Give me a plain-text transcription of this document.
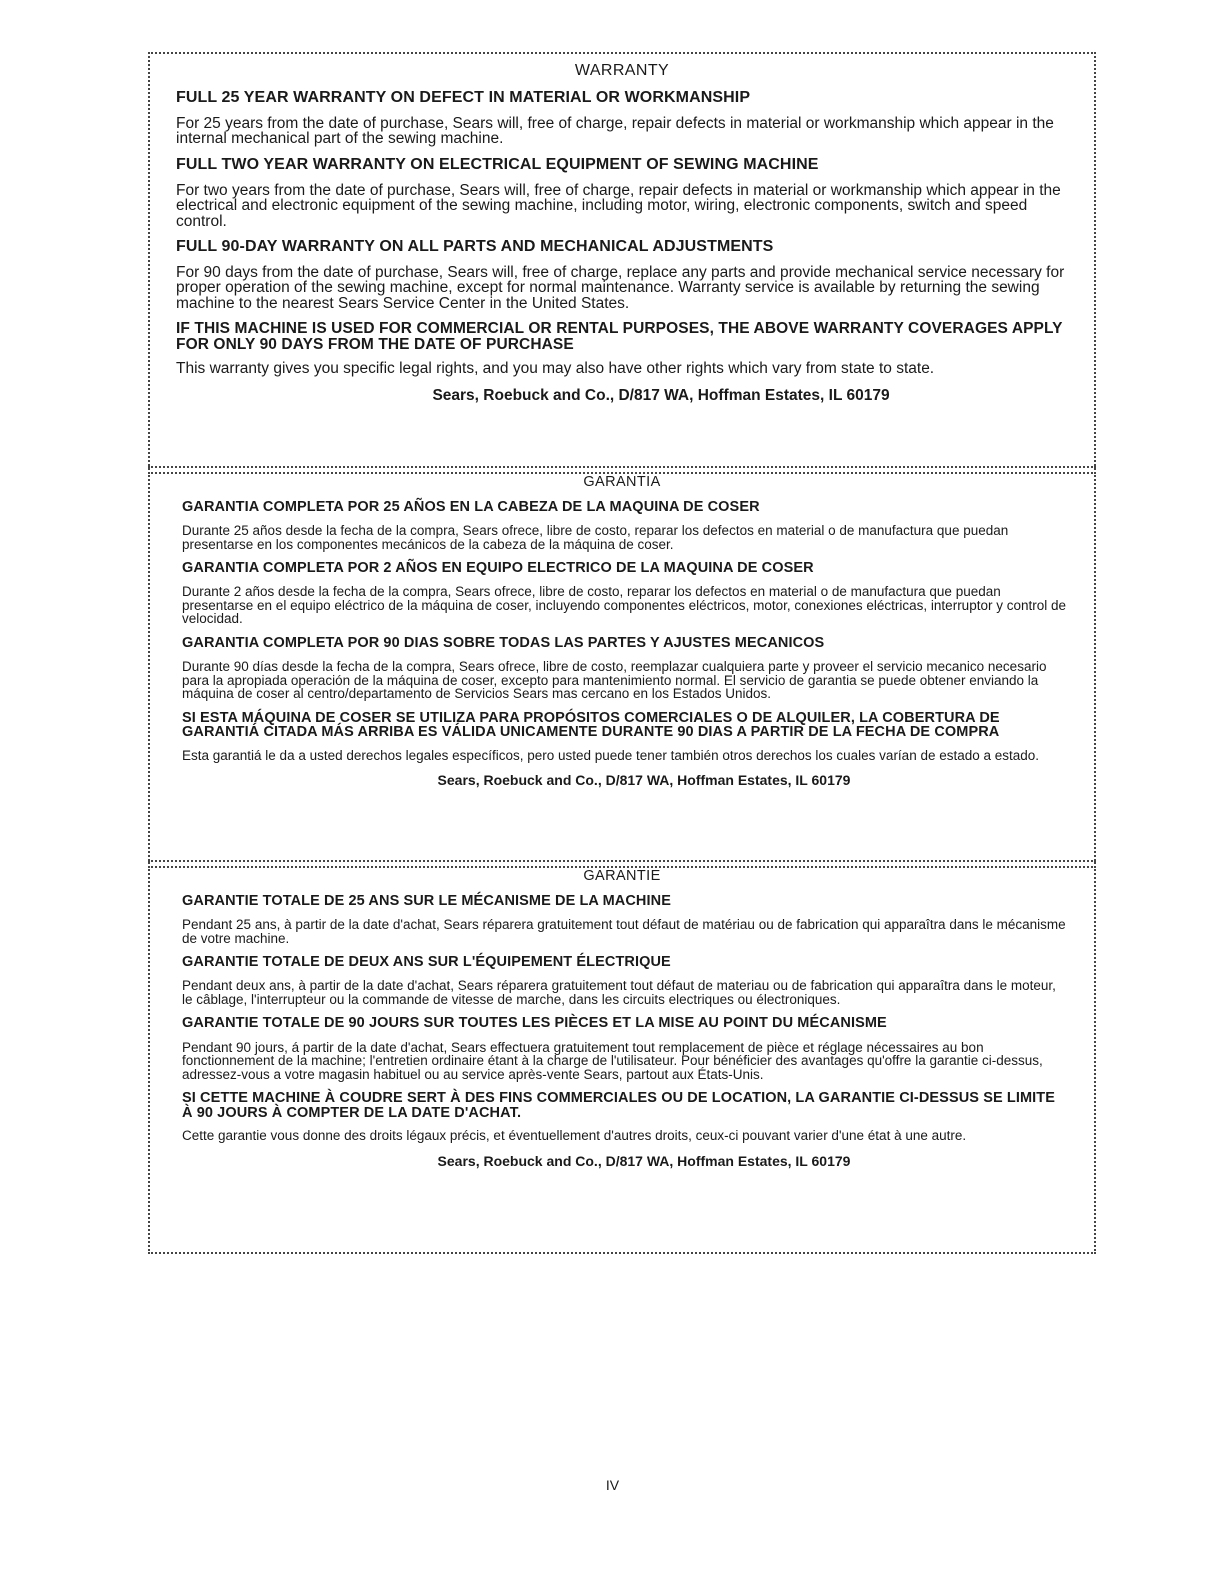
WARRANTY
FULL 25 YEAR WARRANTY ON DEFECT IN MATERIAL OR WORKMANSHIP
For 25 years from the date of purchase, Sears will, free of charge, repair defects in material or workmanship which appear in the internal mechanical part of the sewing machine.
FULL TWO YEAR WARRANTY ON ELECTRICAL EQUIPMENT OF SEWING MACHINE
For two years from the date of purchase, Sears will, free of charge, repair defects in material or workmanship which appear in the electrical and electronic equipment of the sewing machine, including motor, wiring, electronic components, switch and speed control.
FULL 90-DAY WARRANTY ON ALL PARTS AND MECHANICAL ADJUSTMENTS
For 90 days from the date of purchase, Sears will, free of charge, replace any parts and provide mechanical service necessary for proper operation of the sewing machine, except for normal maintenance. Warranty service is available by returning the sewing machine to the nearest Sears Service Center in the United States.
IF THIS MACHINE IS USED FOR COMMERCIAL OR RENTAL PURPOSES, THE ABOVE WARRANTY COVERAGES APPLY FOR ONLY 90 DAYS FROM THE DATE OF PURCHASE
This warranty gives you specific legal rights, and you may also have other rights which vary from state to state.
Sears, Roebuck and Co., D/817 WA, Hoffman Estates, IL 60179
GARANTIA
GARANTIA COMPLETA POR 25 AÑOS EN LA CABEZA DE LA MAQUINA DE COSER
Durante 25 años desde la fecha de la compra, Sears ofrece, libre de costo, reparar los defectos en material o de manufactura que puedan presentarse en los componentes mecánicos de la cabeza de la máquina de coser.
GARANTIA COMPLETA POR 2 AÑOS EN EQUIPO ELECTRICO DE LA MAQUINA DE COSER
Durante 2 años desde la fecha de la compra, Sears ofrece, libre de costo, reparar los defectos en material o de manufactura que puedan presentarse en el equipo eléctrico de la máquina de coser, incluyendo componentes eléctricos, motor, conexiones eléctricas, interruptor y control de velocidad.
GARANTIA COMPLETA POR 90 DIAS SOBRE TODAS LAS PARTES Y AJUSTES MECANICOS
Durante 90 días desde la fecha de la compra, Sears ofrece, libre de costo, reemplazar cualquiera parte y proveer el servicio mecanico necesario para la apropiada operación de la máquina de coser, excepto para mantenimiento normal. El servicio de garantia se puede obtener enviando la máquina de coser al centro/departamento de Servicios Sears mas cercano en los Estados Unidos.
SI ESTA MÁQUINA DE COSER SE UTILIZA PARA PROPÓSITOS COMERCIALES O DE ALQUILER, LA COBERTURA DE GARANTIÁ CITADA MÁS ARRIBA ES VÁLIDA UNICAMENTE DURANTE 90 DIAS A PARTIR DE LA FECHA DE COMPRA
Esta garantiá le da a usted derechos legales específicos, pero usted puede tener también otros derechos los cuales varían de estado a estado.
Sears, Roebuck and Co., D/817 WA, Hoffman Estates, IL 60179
GARANTIE
GARANTIE TOTALE DE 25 ANS SUR LE MÉCANISME DE LA MACHINE
Pendant 25 ans, à partir de la date d'achat, Sears réparera gratuitement tout défaut de matériau ou de fabrication qui apparaîtra dans le mécanisme de votre machine.
GARANTIE TOTALE DE DEUX ANS SUR L'ÉQUIPEMENT ÉLECTRIQUE
Pendant deux ans, à partir de la date d'achat, Sears réparera gratuitement tout défaut de materiau ou de fabrication qui apparaîtra dans le moteur, le câblage, l'interrupteur ou la commande de vitesse de marche, dans les circuits electriques ou électroniques.
GARANTIE TOTALE DE 90 JOURS SUR TOUTES LES PIÈCES ET LA MISE AU POINT DU MÉCANISME
Pendant 90 jours, á partir de la date d'achat, Sears effectuera gratuitement tout remplacement de pièce et réglage nécessaires au bon fonctionnement de la machine; l'entretien ordinaire étant à la charge de l'utilisateur. Pour bénéficier des avantages qu'offre la garantie ci-dessus, adressez-vous a votre magasin habituel ou au service après-vente Sears, partout aux États-Unis.
SI CETTE MACHINE À COUDRE SERT À DES FINS COMMERCIALES OU DE LOCATION, LA GARANTIE CI-DESSUS SE LIMITE À 90 JOURS À COMPTER DE LA DATE D'ACHAT.
Cette garantie vous donne des droits légaux précis, et éventuellement d'autres droits, ceux-ci pouvant varier d'une état à une autre.
Sears, Roebuck and Co., D/817 WA, Hoffman Estates, IL 60179
IV
